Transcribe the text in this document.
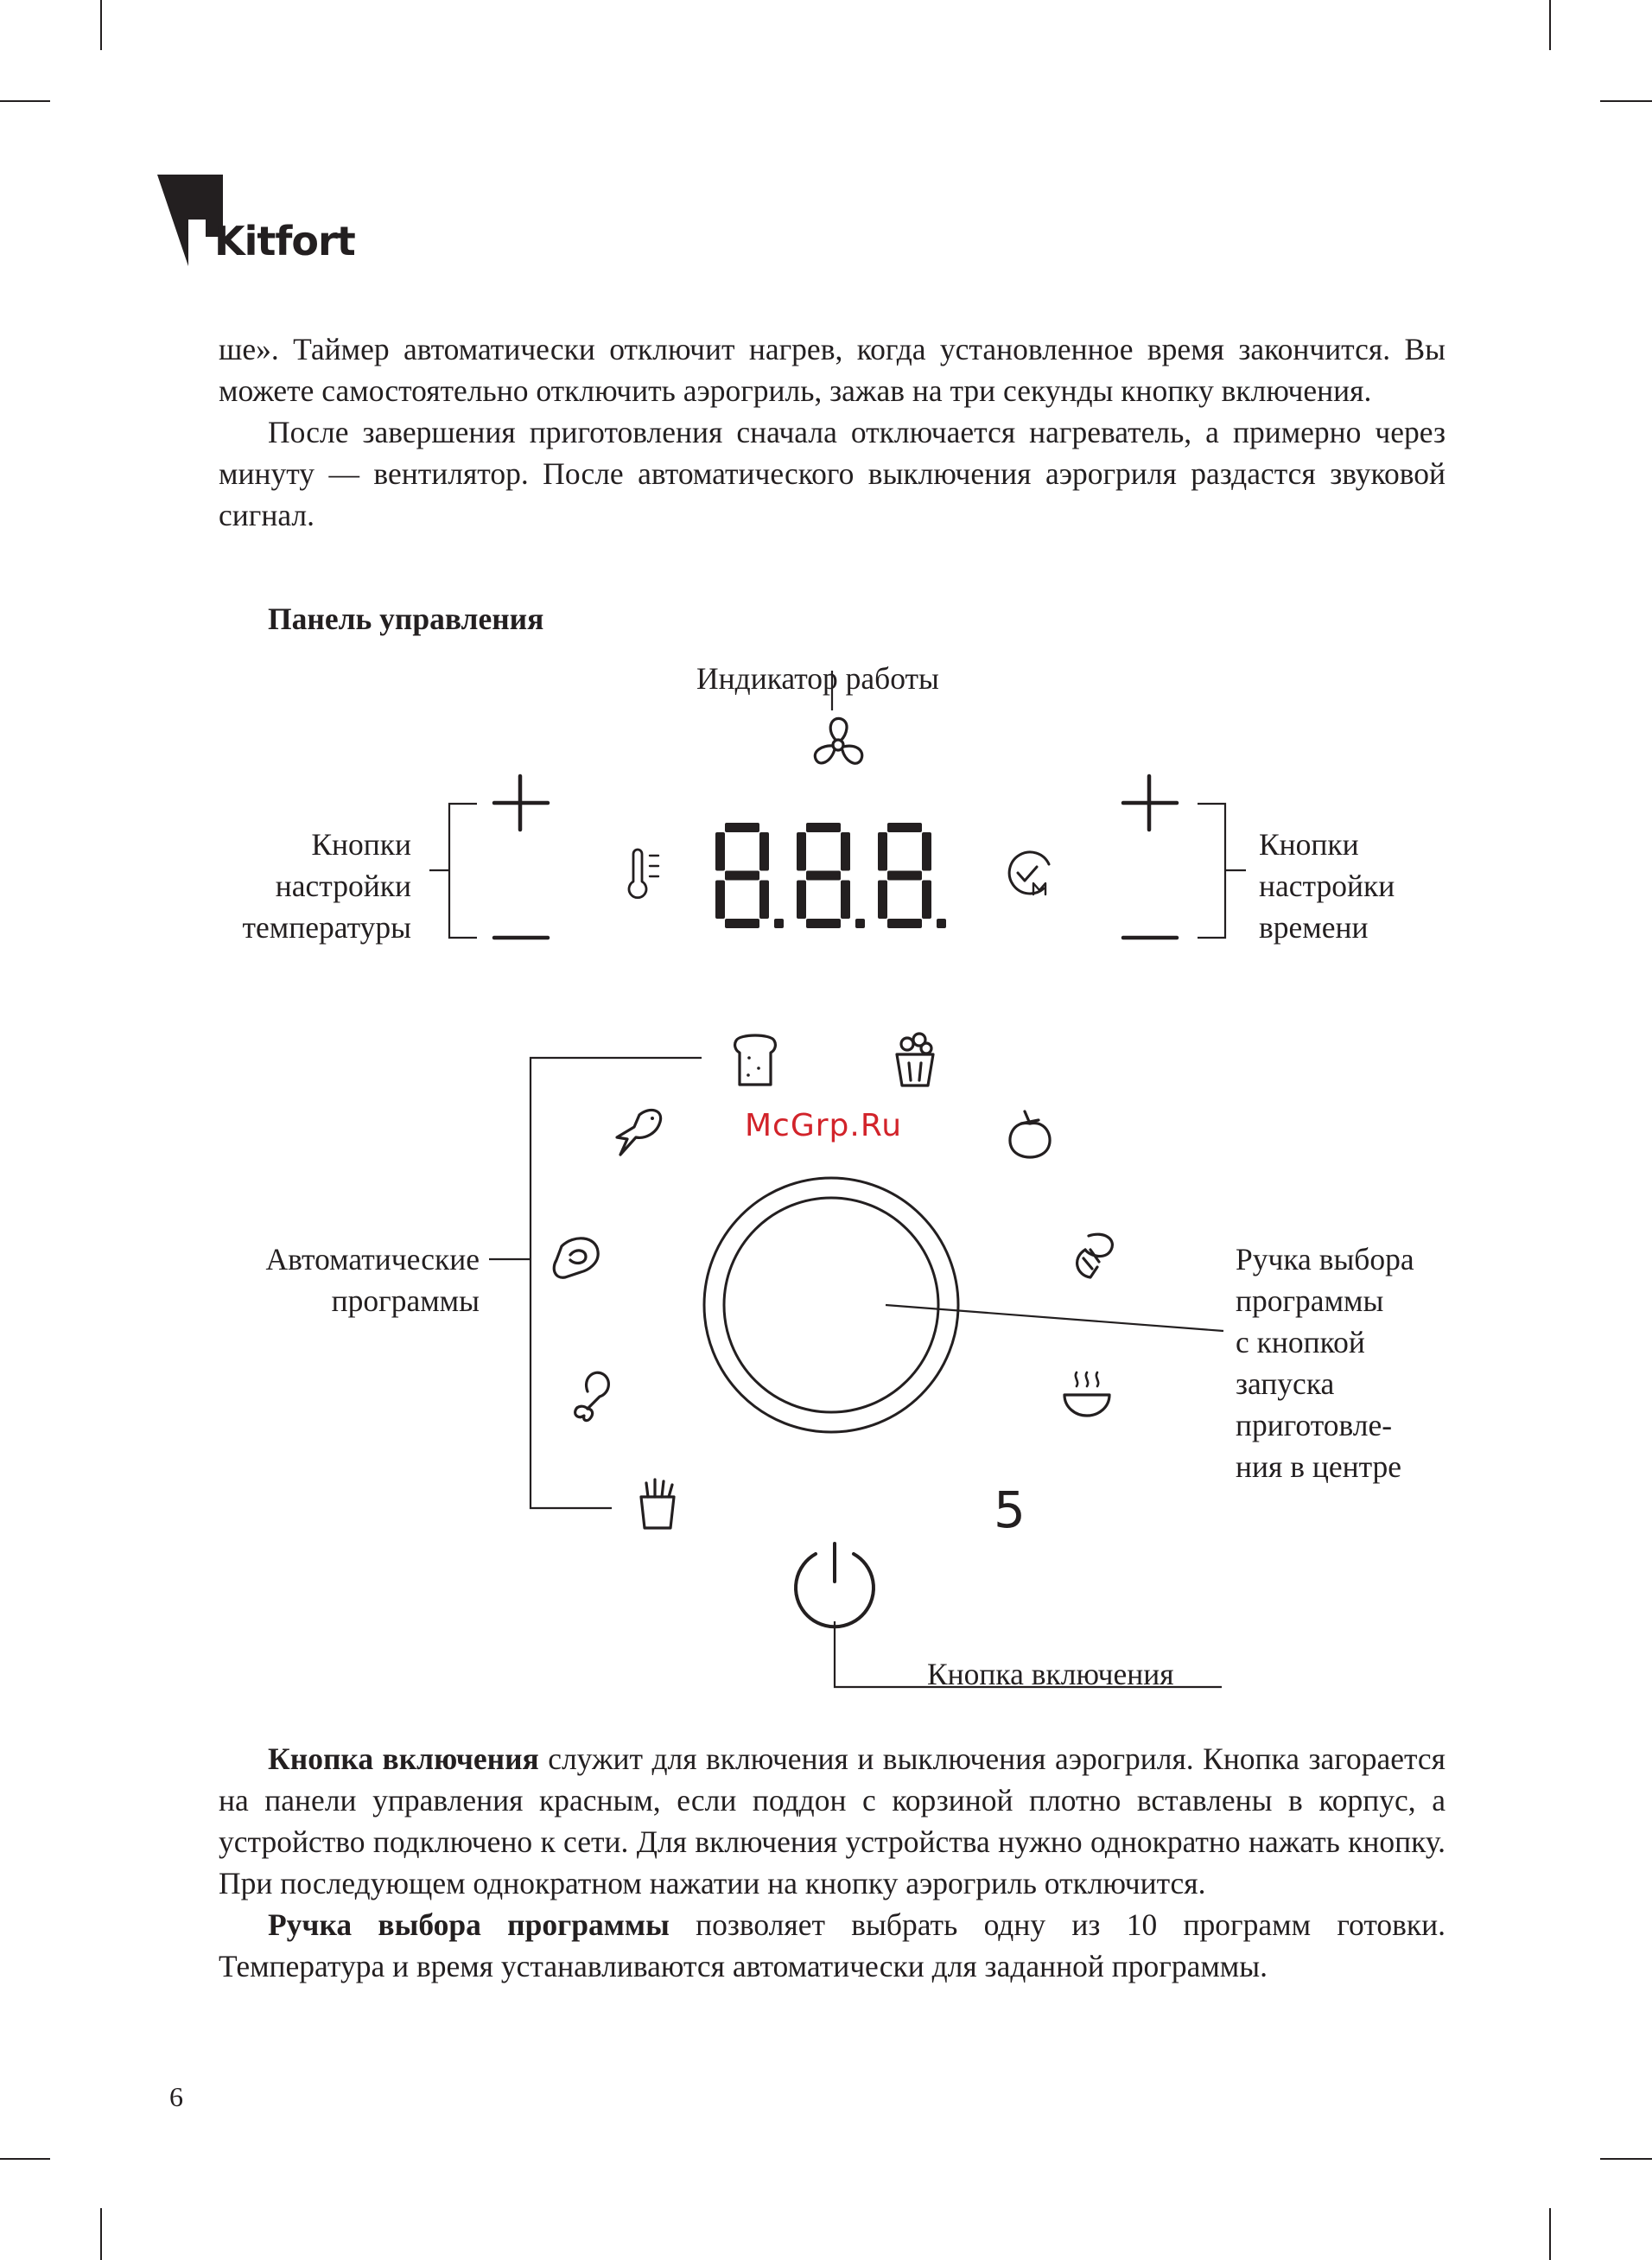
Kitfort

ше». Таймер автоматически отключит нагрев, когда установленное время закончится. Вы можете самостоятельно отключить аэрогриль, зажав на три секунды кнопку включения.

После завершения приготовления сначала отключается нагреватель, а примерно через минуту — вентилятор. После автоматического выключения аэрогриля раздастся звуковой сигнал.

Панель управления
5
Индикатор работы
Кнопки
настройки
температуры
Кнопки
настройки
времени
Автоматические
программы
Ручка выбора
программы
с кнопкой
запуска
приготовле-
ния в центре
Кнопка включения
McGrp.Ru

Кнопка включения служит для включения и выключения аэрогриля. Кнопка загорается на панели управления красным, если поддон с корзиной плотно вставлены в корпус, а устройство подключено к сети. Для включения устройства нужно однократно нажать кнопку. При последующем однократном нажатии на кнопку аэрогриль отключится.

Ручка выбора программы позволяет выбрать одну из 10 программ готовки. Температура и время устанавливаются автоматически для заданной программы.

6
